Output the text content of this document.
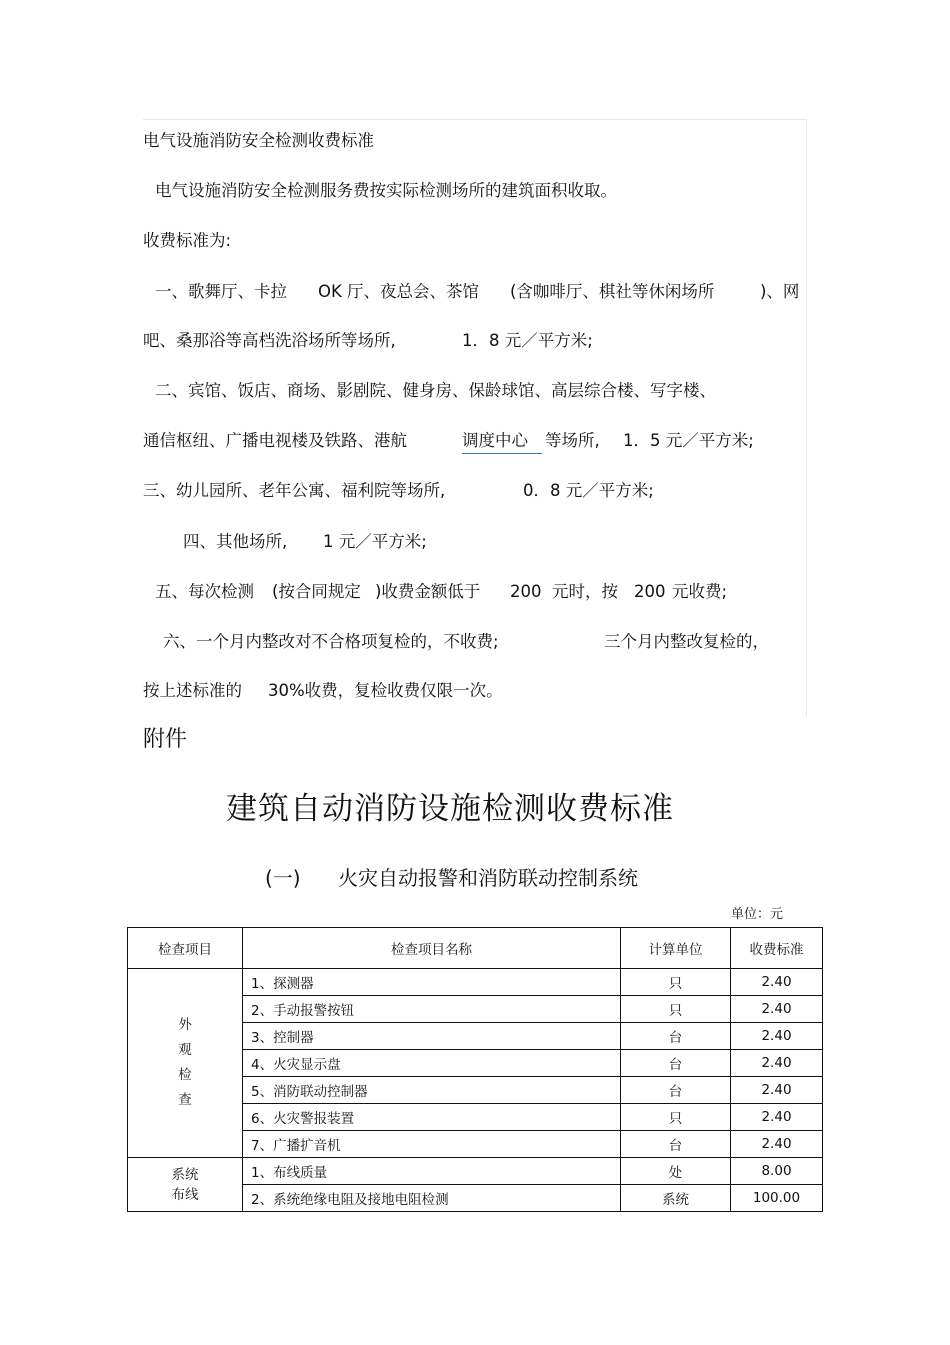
电气设施消防安全检测收费标准
电气设施消防安全检测服务费按实际检测场所的建筑面积收取。
收费标准为:
一、歌舞厅、卡拉 OK 厅、夜总会、茶馆 (含咖啡厅、棋社等休闲场所	)、网
吧、桑那浴等高档洗浴场所等场所,	1．8 元／平方米;
二、宾馆、饭店、商场、影剧院、健身房、保龄球馆、高层综合楼、写字楼、
通信枢纽、广播电视楼及铁路、港航	调度中心	等场所, 1．5 元／平方米;
三、幼儿园所、老年公寓、福利院等场所,	0．8 元／平方米;
四、其他场所, 1 元／平方米;
五、每次检测 (按合同规定 )收费金额低于 200 元时，按 200 元收费;
六、一个月内整改对不合格项复检的，不收费;	三个月内整改复检的，
按上述标准的 30%收费，复检收费仅限一次。
附件
建筑自动消防设施检测收费标准
(一) 火灾自动报警和消防联动控制系统
单位：元
检查项目	检查项目名称	计算单位	收费标准

外
观
检
查	1、探测器	只	2.40
	2、手动报警按钮	只	2.40
	3、控制器	台	2.40
	4、火灾显示盘	台	2.40
	5、消防联动控制器	台	2.40
	6、火灾警报装置	只	2.40
	7、广播扩音机	台	2.40

系统
布线	1、布线质量	处	8.00
	2、系统绝缘电阻及接地电阻检测	系统	100.00
